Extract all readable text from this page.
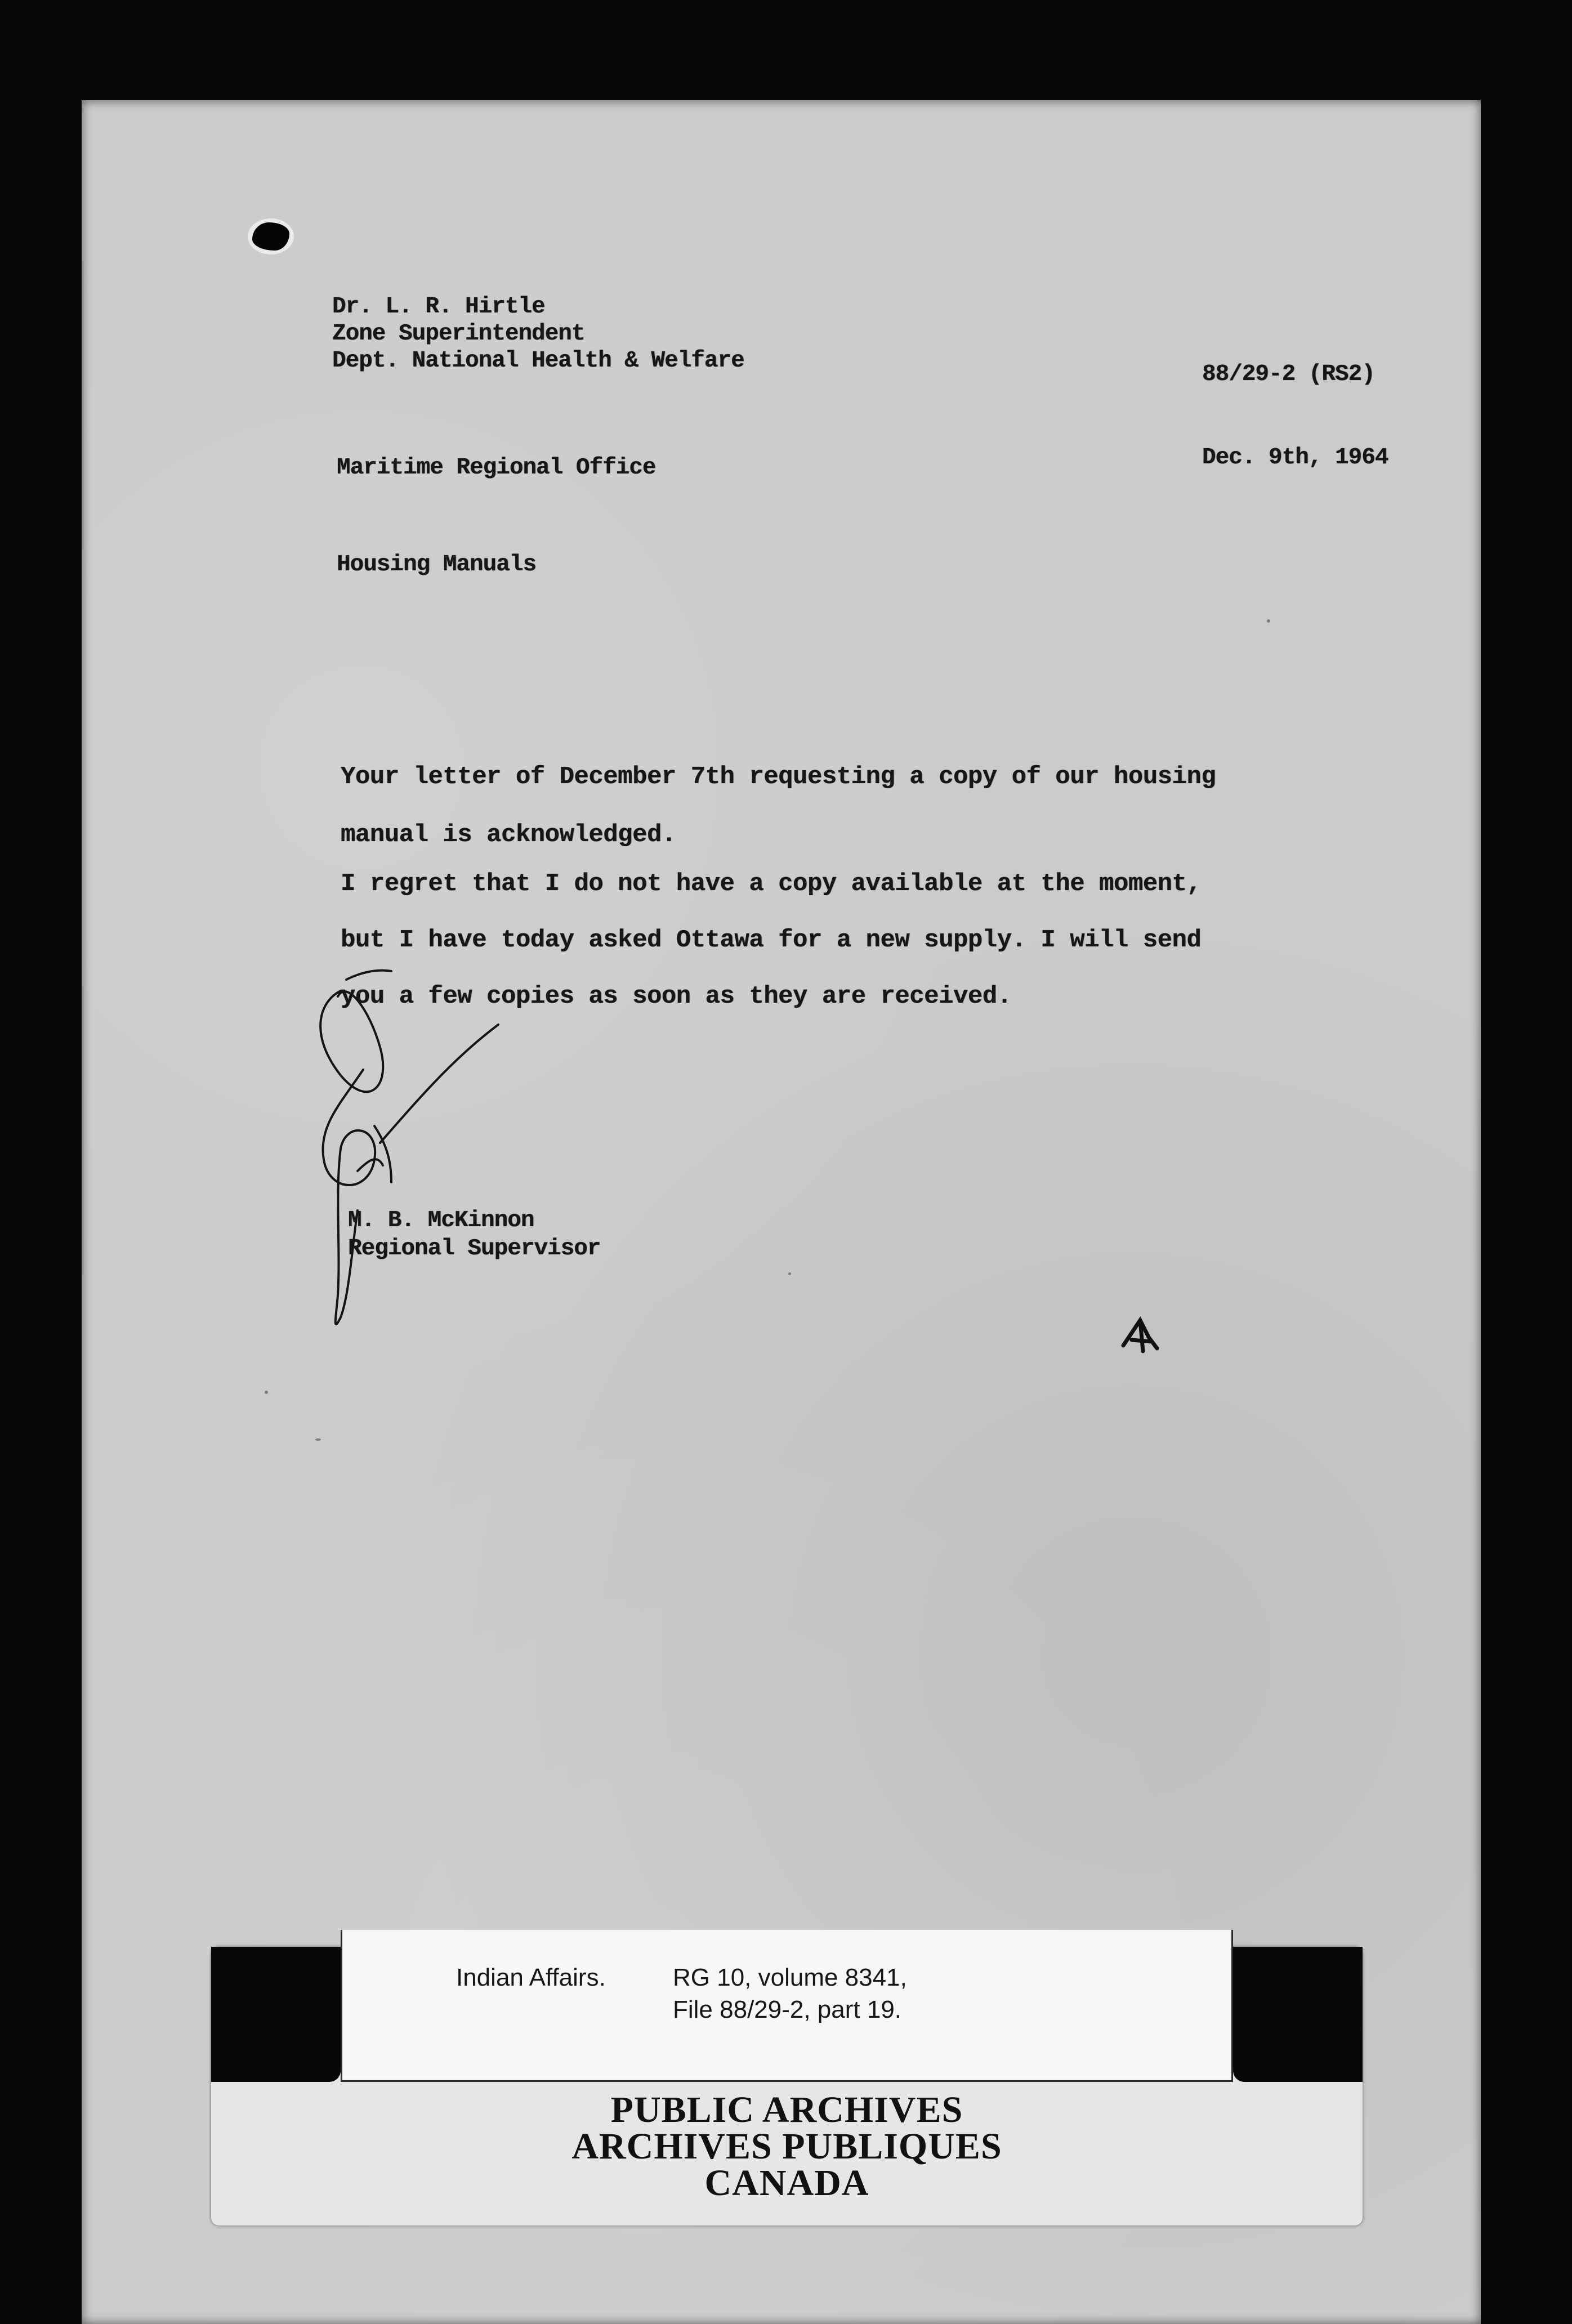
Dr. L. R. Hirtle
Zone Superintendent
Dept. National Health & Welfare
88/29-2 (RS2)
Maritime Regional Office	Dec. 9th, 1964
Housing Manuals
Your letter of December 7th requesting a copy of our housing
manual is acknowledged.
I regret that I do not have a copy available at the moment,
but I have today asked Ottawa for a new supply. I will send
you a few copies as soon as they are received.
M. B. McKinnon
Regional Supervisor
Indian Affairs.	RG 10, volume 8341,
File 88/29-2, part 19.
PUBLIC ARCHIVES
ARCHIVES PUBLIQUES
CANADA
